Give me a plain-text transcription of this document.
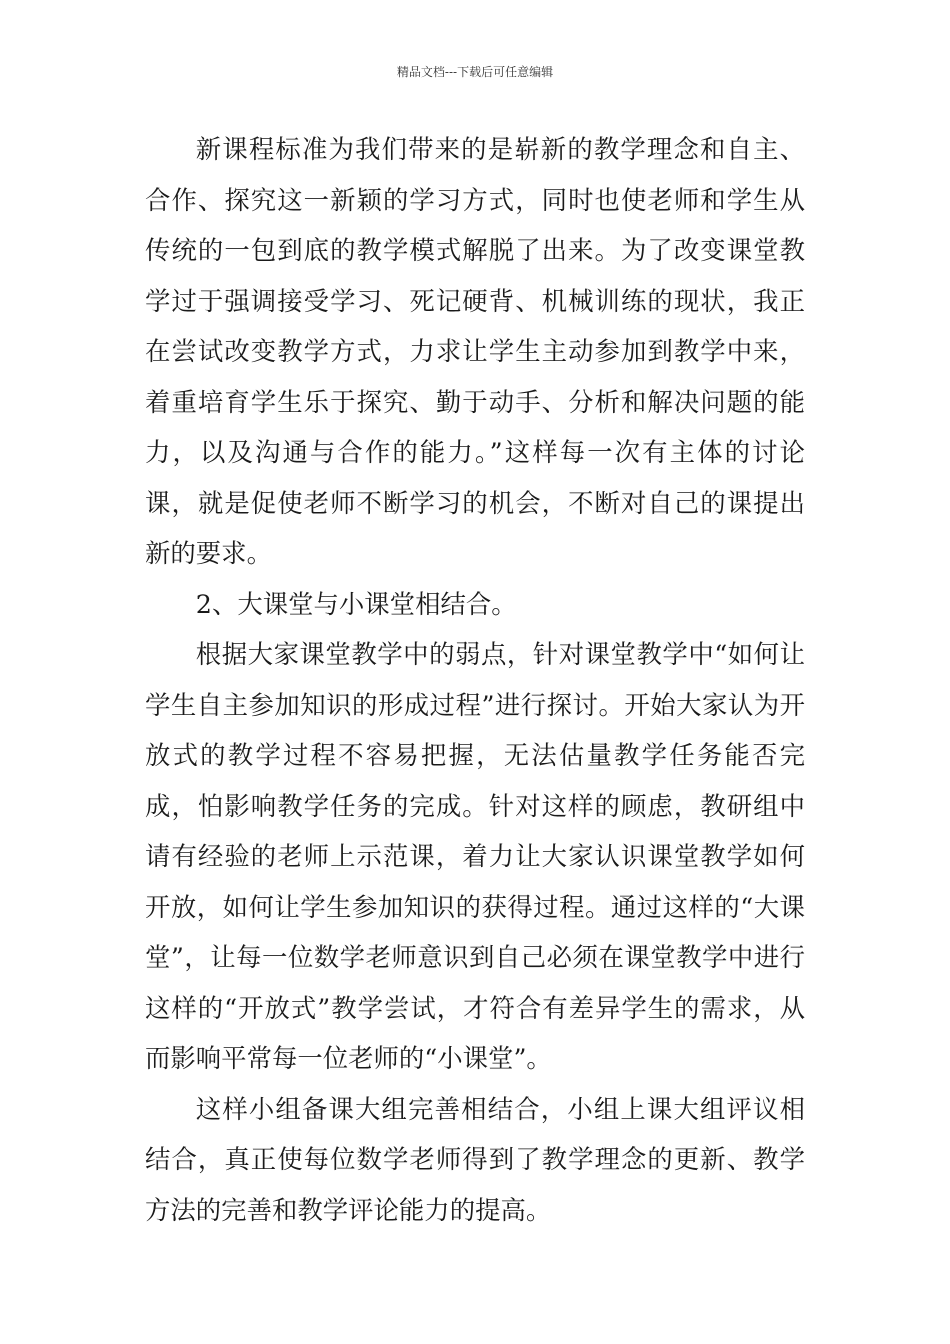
精品文档---下载后可任意编辑

新课程标准为我们带来的是崭新的教学理念和自主、合作、探究这一新颖的学习方式，同时也使老师和学生从传统的一包到底的教学模式解脱了出来。为了改变课堂教学过于强调接受学习、死记硬背、机械训练的现状，我正在尝试改变教学方式，力求让学生主动参加到教学中来，着重培育学生乐于探究、勤于动手、分析和解决问题的能力，以及沟通与合作的能力。”这样每一次有主体的讨论课，就是促使老师不断学习的机会，不断对自己的课提出新的要求。

2、大课堂与小课堂相结合。

根据大家课堂教学中的弱点，针对课堂教学中“如何让学生自主参加知识的形成过程”进行探讨。开始大家认为开放式的教学过程不容易把握，无法估量教学任务能否完成，怕影响教学任务的完成。针对这样的顾虑，教研组中请有经验的老师上示范课，着力让大家认识课堂教学如何开放，如何让学生参加知识的获得过程。通过这样的“大课堂”，让每一位数学老师意识到自己必须在课堂教学中进行这样的“开放式”教学尝试，才符合有差异学生的需求，从而影响平常每一位老师的“小课堂”。

这样小组备课大组完善相结合，小组上课大组评议相结合，真正使每位数学老师得到了教学理念的更新、教学方法的完善和教学评论能力的提高。
